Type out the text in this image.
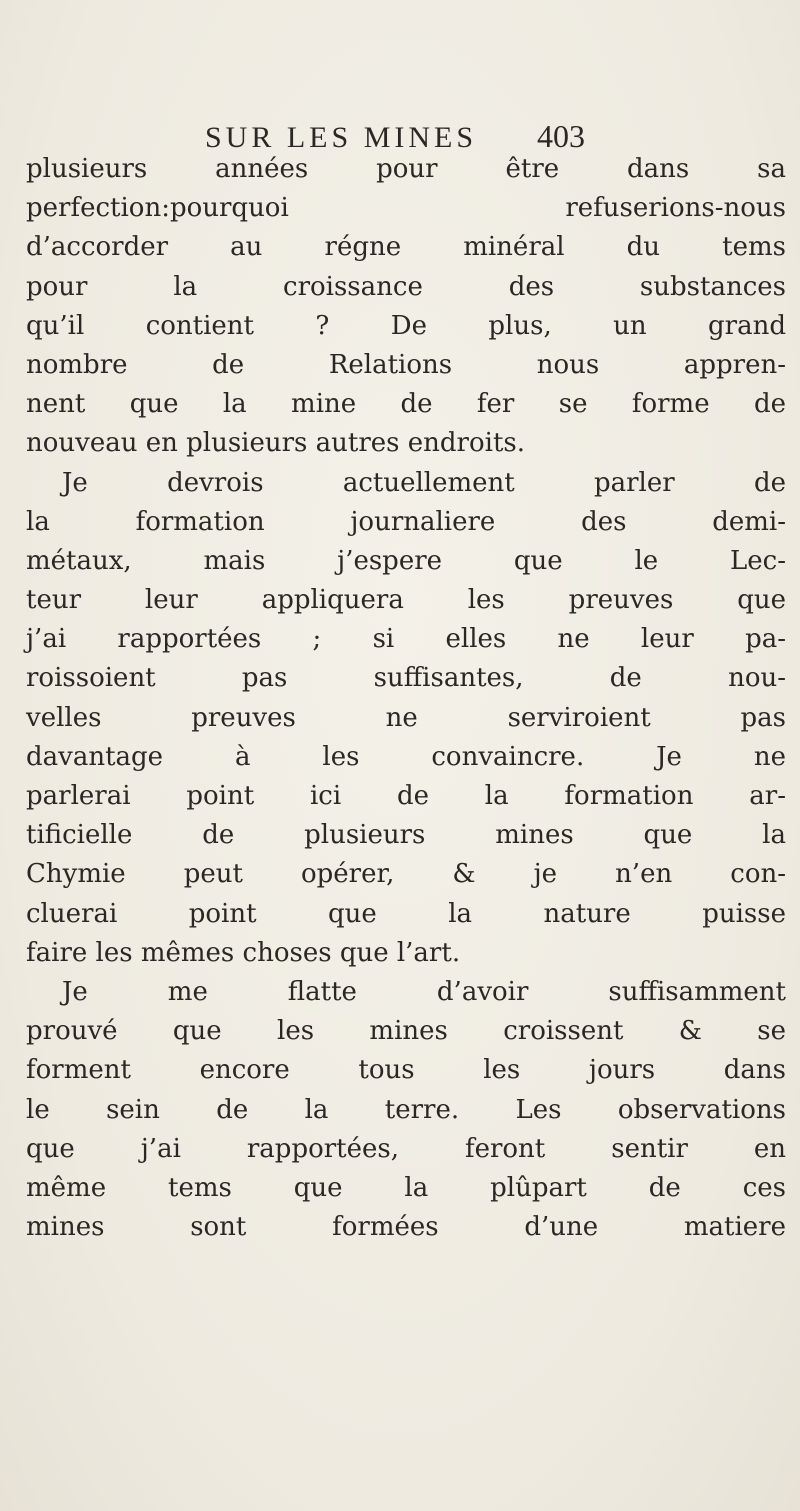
SUR LES MINES 403
plusieurs années pour être dans sa
perfection:pourquoi refuserions-nous
d’accorder au régne minéral du tems
pour la croissance des substances
qu’il contient ? De plus, un grand
nombre de Relations nous appren-
nent que la mine de fer se forme de
nouveau en plusieurs autres endroits.
Je devrois actuellement parler de
la formation journaliere des demi-
métaux, mais j’espere que le Lec-
teur leur appliquera les preuves que
j’ai rapportées ; si elles ne leur pa-
roissoient pas suffisantes, de nou-
velles preuves ne serviroient pas
davantage à les convaincre. Je ne
parlerai point ici de la formation ar-
tificielle de plusieurs mines que la
Chymie peut opérer, & je n’en con-
cluerai point que la nature puisse
faire les mêmes choses que l’art.
Je me flatte d’avoir suffisamment
prouvé que les mines croissent & se
forment encore tous les jours dans
le sein de la terre. Les observations
que j’ai rapportées, feront sentir en
même tems que la plûpart de ces
mines sont formées d’une matiere
